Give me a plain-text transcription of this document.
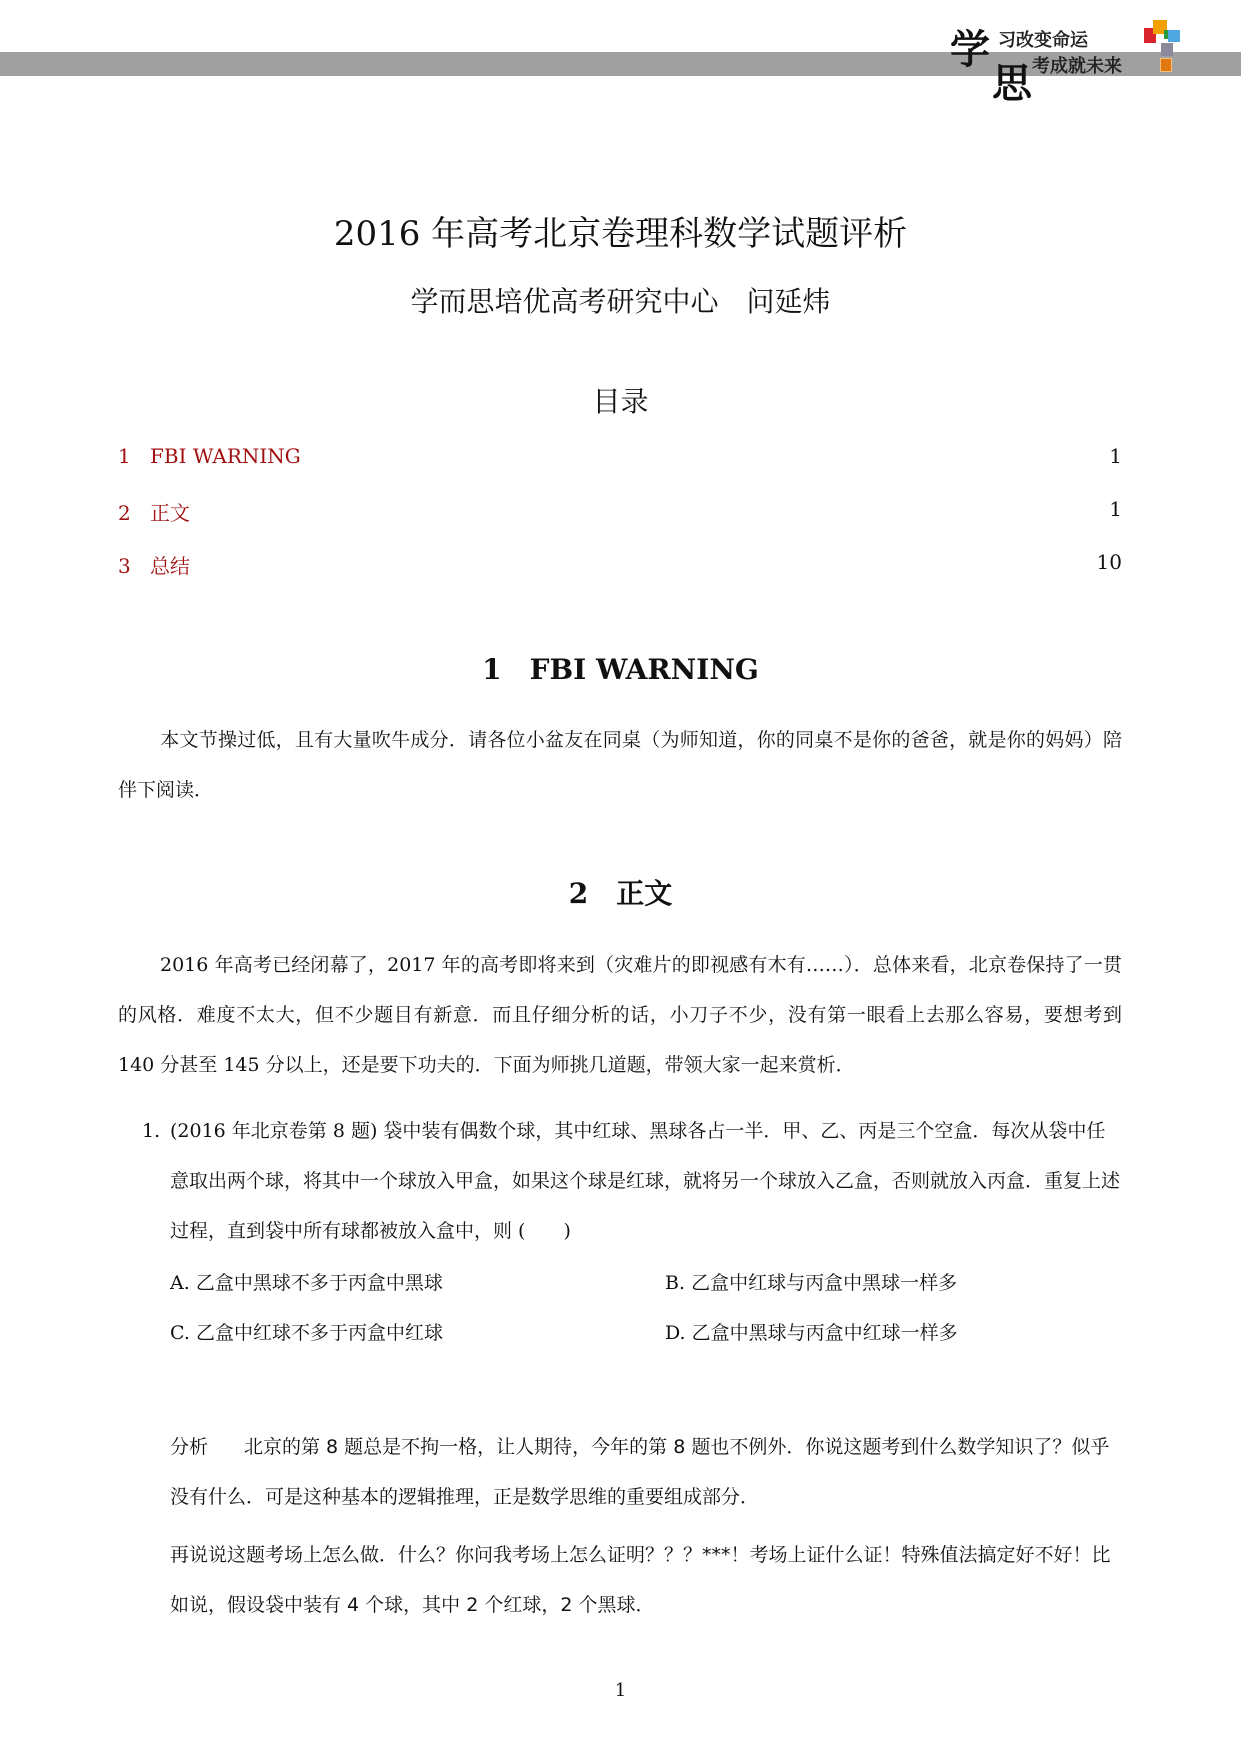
学
思
习改变命运
考成就未来
2016 年高考北京卷理科数学试题评析
学而思培优高考研究中心　问延炜
目录
1 FBI WARNING	1
2 正文	1
3 总结	10
1　FBI WARNING
本文节操过低，且有大量吹牛成分．请各位小盆友在同桌（为师知道，你的同桌不是你的爸爸，就是你的妈妈）陪伴下阅读．
2　正文
2016 年高考已经闭幕了，2017 年的高考即将来到（灾难片的即视感有木有……）．总体来看，北京卷保持了一贯的风格．难度不太大，但不少题目有新意．而且仔细分析的话，小刀子不少，没有第一眼看上去那么容易，要想考到 140 分甚至 145 分以上，还是要下功夫的．下面为师挑几道题，带领大家一起来赏析．
1. (2016 年北京卷第 8 题) 袋中装有偶数个球，其中红球、黑球各占一半．甲、乙、丙是三个空盒．每次从袋中任意取出两个球，将其中一个球放入甲盒，如果这个球是红球，就将另一个球放入乙盒，否则就放入丙盒．重复上述过程，直到袋中所有球都被放入盒中，则 (　　)
A. 乙盒中黑球不多于丙盒中黑球	B. 乙盒中红球与丙盒中黑球一样多
C. 乙盒中红球不多于丙盒中红球	D. 乙盒中黑球与丙盒中红球一样多
分析 北京的第 8 题总是不拘一格，让人期待，今年的第 8 题也不例外．你说这题考到什么数学知识了？似乎没有什么．可是这种基本的逻辑推理，正是数学思维的重要组成部分．
再说说这题考场上怎么做．什么？你问我考场上怎么证明？？？***！考场上证什么证！特殊值法搞定好不好！比如说，假设袋中装有 4 个球，其中 2 个红球，2 个黑球．
1
